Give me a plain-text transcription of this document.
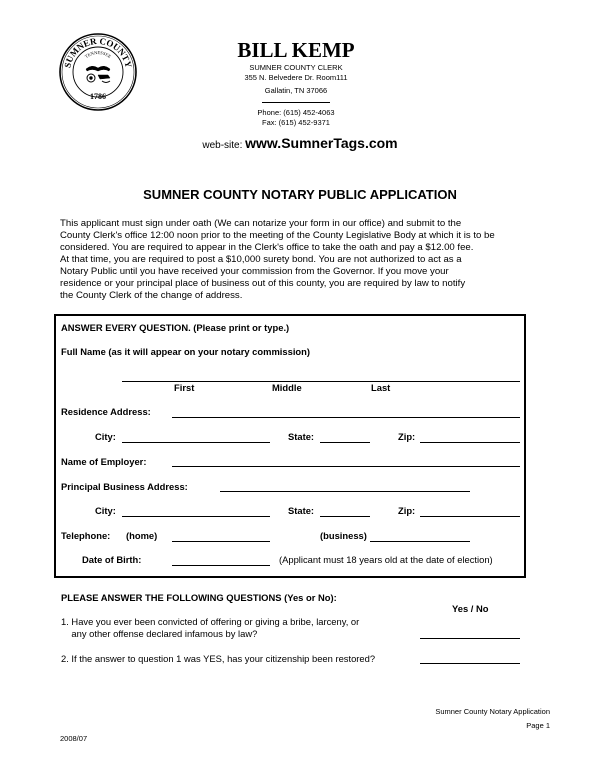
SUMNER COUNTY
TENNESSEE
1786
BILL KEMP
SUMNER COUNTY CLERK
355 N. Belvedere Dr. Room111
Gallatin, TN 37066
Phone: (615) 452-4063
Fax: (615) 452-9371
web-site: www.SumnerTags.com
SUMNER COUNTY NOTARY PUBLIC APPLICATION
This applicant must sign under oath (We can notarize your form in our office) and submit to the
County Clerk's office 12:00 noon prior to the meeting of the County Legislative Body at which it is to be
considered. You are required to appear in the Clerk's office to take the oath and pay a $12.00 fee.
At that time, you are required to post a $10,000 surety bond. You are not authorized to act as a
Notary Public until you have received your commission from the Governor. If you move your
residence or your principal place of business out of this county, you are required by law to notify
the County Clerk of the change of address.
ANSWER EVERY QUESTION. (Please print or type.)
Full Name (as it will appear on your notary commission)
First	Middle	Last
Residence Address:
City:	State:	Zip:
Name of Employer:
Principal Business Address:
City:	State:	Zip:
Telephone: (home)	(business)
Date of Birth:	(Applicant must 18 years old at the date of election)
PLEASE ANSWER THE FOLLOWING QUESTIONS (Yes or No):
Yes / No
1. Have you ever been convicted of offering or giving a bribe, larceny, or
any other offense declared infamous by law?
2. If the answer to question 1 was YES, has your citizenship been restored?
Sumner County Notary Application
Page 1
2008/07
